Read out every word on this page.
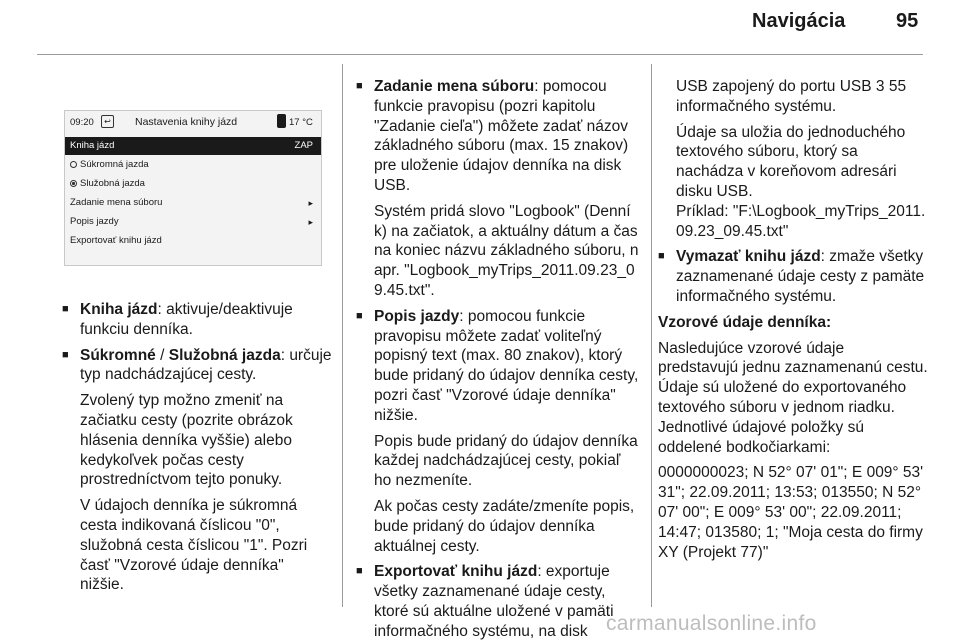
Navigácia	95
09:20	↩	Nastavenia knihy jázd	17 °C
Kniha jázd	ZAP
Súkromná jazda
Služobná jazda
Zadanie mena súboru	▸
Popis jazdy	▸
Exportovať knihu jázd

■ Kniha jázd: aktivuje/deaktivuje funkciu denníka.

■ Súkromné / Služobná jazda: určuje typ nadchádzajúcej cesty.

Zvolený typ možno zmeniť na začiatku cesty (pozrite obrázok hlásenia denníka vyššie) alebo kedykoľvek počas cesty prostredníctvom tejto ponuky.

V údajoch denníka je súkromná cesta indikovaná číslicou "0", služobná cesta číslicou "1". Pozri časť "Vzorové údaje denníka" nižšie.

■ Zadanie mena súboru: pomocou funkcie pravopisu (pozri kapitolu "Zadanie cieľa") môžete zadať názov základného súboru (max. 15 znakov) pre uloženie údajov denníka na disk USB.

Systém pridá slovo "Logbook" (Denník) na začiatok, a aktuálny dátum a čas na koniec názvu základného súboru, napr. "Logbook_myTrips_2011.09.23_09.45.txt".

■ Popis jazdy: pomocou funkcie pravopisu môžete zadať voliteľný popisný text (max. 80 znakov), ktorý bude pridaný do údajov denníka cesty, pozri časť "Vzorové údaje denníka" nižšie.

Popis bude pridaný do údajov denníka každej nadchádzajúcej cesty, pokiaľ ho nezmeníte.

Ak počas cesty zadáte/zmeníte popis, bude pridaný do údajov denníka aktuálnej cesty.

■ Exportovať knihu jázd: exportuje všetky zaznamenané údaje cesty, ktoré sú aktuálne uložené v pamäti informačného systému, na disk

USB zapojený do portu USB 3 55 informačného systému.

Údaje sa uložia do jednoduchého textového súboru, ktorý sa nachádza v koreňovom adresári disku USB.

Príklad: "F:\Logbook_myTrips_2011.09.23_09.45.txt"

■ Vymazať knihu jázd: zmaže všetky zaznamenané údaje cesty z pamäte informačného systému.

Vzorové údaje denníka:

Nasledujúce vzorové údaje predstavujú jednu zaznamenanú cestu. Údaje sú uložené do exportovaného textového súboru v jednom riadku. Jednotlivé údajové položky sú oddelené bodkočiarkami:

0000000023; N 52° 07' 01"; E 009° 53' 31"; 22.09.2011; 13:53; 013550; N 52° 07' 00"; E 009° 53' 00"; 22.09.2011; 14:47; 013580; 1; "Moja cesta do firmy XY (Projekt 77)"

carmanualsonline.info
